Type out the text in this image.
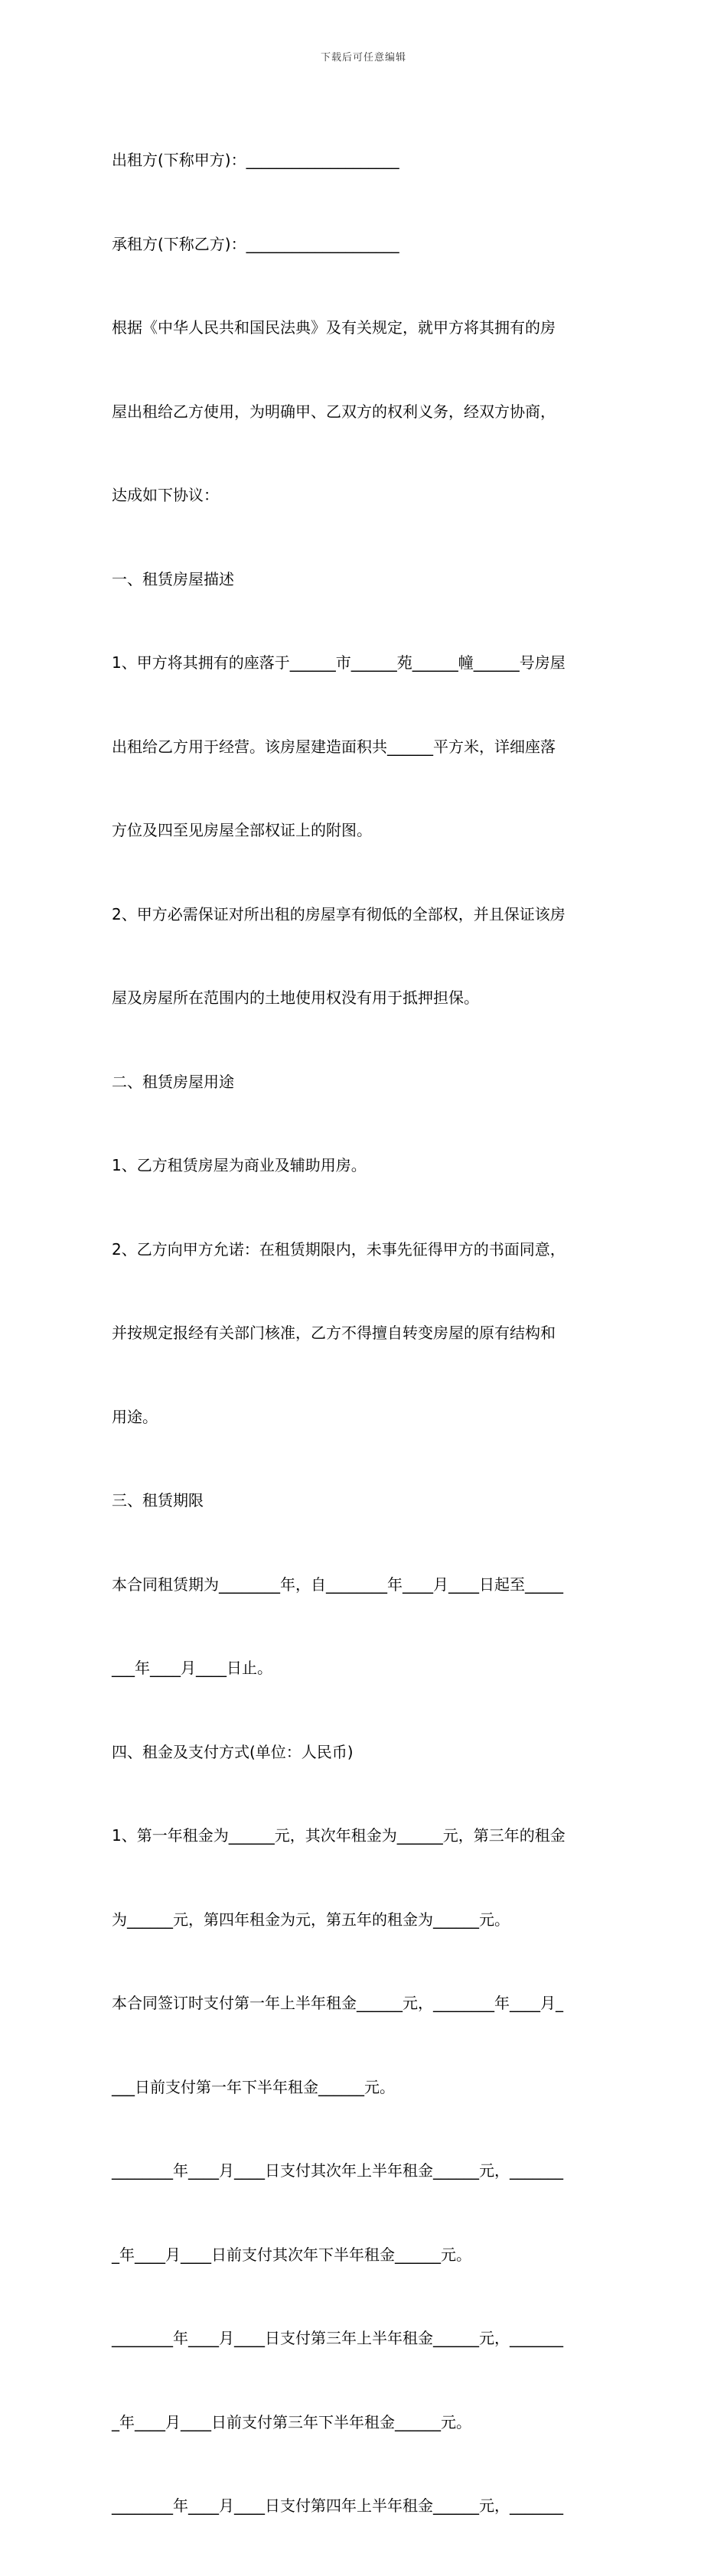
下载后可任意编辑

出租方(下称甲方)：____________________

承租方(下称乙方)：____________________

根据《中华人民共和国民法典》及有关规定，就甲方将其拥有的房

屋出租给乙方使用，为明确甲、乙双方的权利义务，经双方协商，

达成如下协议：

一、租赁房屋描述

1、甲方将其拥有的座落于______市______苑______幢______号房屋

出租给乙方用于经营。该房屋建造面积共______平方米，详细座落

方位及四至见房屋全部权证上的附图。

2、甲方必需保证对所出租的房屋享有彻低的全部权，并且保证该房

屋及房屋所在范围内的土地使用权没有用于抵押担保。

二、租赁房屋用途

1、乙方租赁房屋为商业及辅助用房。

2、乙方向甲方允诺：在租赁期限内，未事先征得甲方的书面同意，

并按规定报经有关部门核准，乙方不得擅自转变房屋的原有结构和

用途。

三、租赁期限

本合同租赁期为________年，自________年____月____日起至_____

___年____月____日止。

四、租金及支付方式(单位：人民币)

1、第一年租金为______元，其次年租金为______元，第三年的租金

为______元，第四年租金为元，第五年的租金为______元。

本合同签订时支付第一年上半年租金______元，________年____月_

___日前支付第一年下半年租金______元。

________年____月____日支付其次年上半年租金______元，_______

_年____月____日前支付其次年下半年租金______元。

________年____月____日支付第三年上半年租金______元，_______

_年____月____日前支付第三年下半年租金______元。

________年____月____日支付第四年上半年租金______元，_______
